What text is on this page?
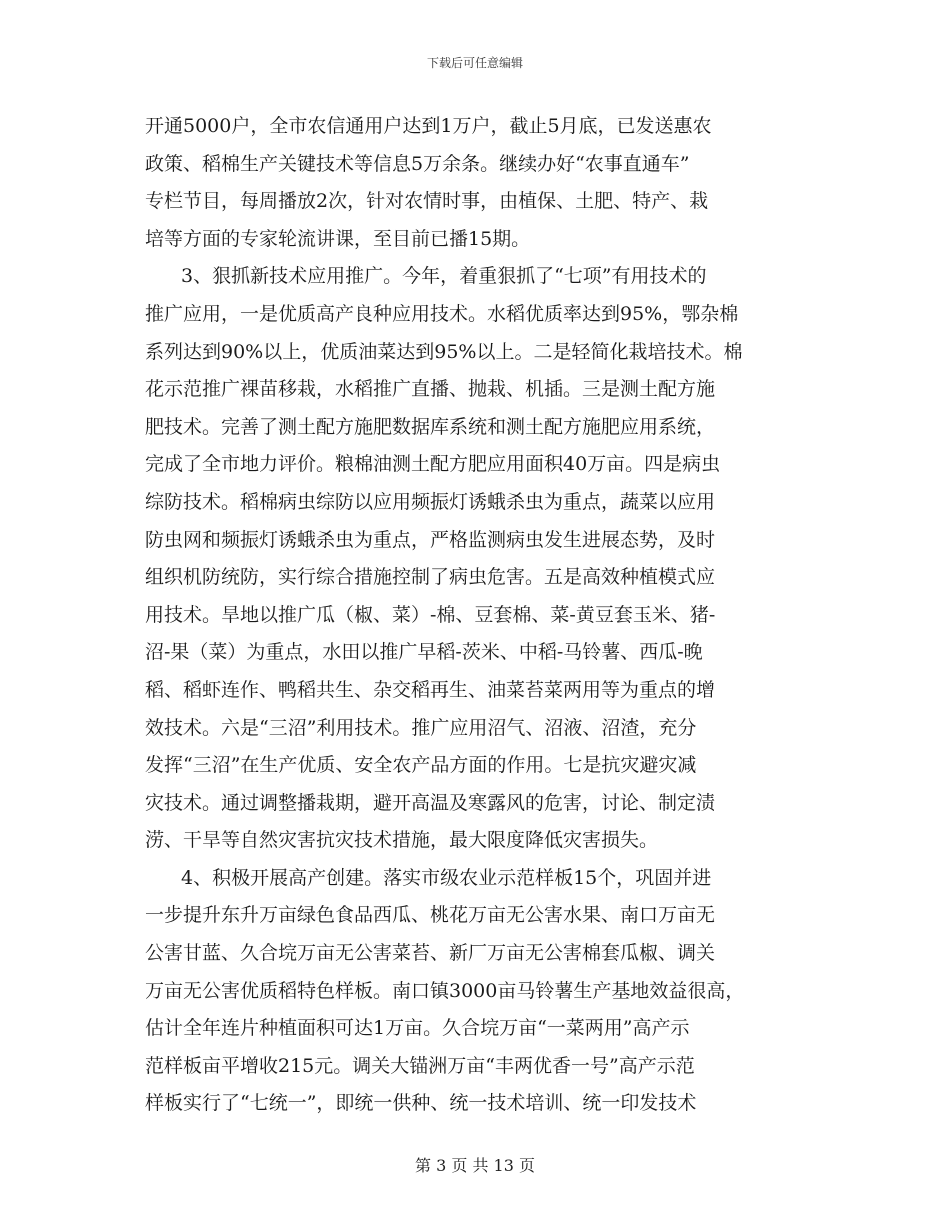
下载后可任意编辑
开通5000户，全市农信通用户达到1万户，截止5月底，已发送惠农
政策、稻棉生产关键技术等信息5万余条。继续办好“农事直通车”
专栏节目，每周播放2次，针对农情时事，由植保、土肥、特产、栽
培等方面的专家轮流讲课，至目前已播15期。
3、狠抓新技术应用推广。今年，着重狠抓了“七项”有用技术的
推广应用，一是优质高产良种应用技术。水稻优质率达到95%，鄂杂棉
系列达到90%以上，优质油菜达到95%以上。二是轻简化栽培技术。棉
花示范推广裸苗移栽，水稻推广直播、抛栽、机插。三是测土配方施
肥技术。完善了测土配方施肥数据库系统和测土配方施肥应用系统，
完成了全市地力评价。粮棉油测土配方肥应用面积40万亩。四是病虫
综防技术。稻棉病虫综防以应用频振灯诱蛾杀虫为重点，蔬菜以应用
防虫网和频振灯诱蛾杀虫为重点，严格监测病虫发生进展态势，及时
组织机防统防，实行综合措施控制了病虫危害。五是高效种植模式应
用技术。旱地以推广瓜（椒、菜）-棉、豆套棉、菜-黄豆套玉米、猪-
沼-果（菜）为重点，水田以推广早稻-茨米、中稻-马铃薯、西瓜-晚
稻、稻虾连作、鸭稻共生、杂交稻再生、油菜苔菜两用等为重点的增
效技术。六是“三沼”利用技术。推广应用沼气、沼液、沼渣，充分
发挥“三沼”在生产优质、安全农产品方面的作用。七是抗灾避灾减
灾技术。通过调整播栽期，避开高温及寒露风的危害，讨论、制定渍
涝、干旱等自然灾害抗灾技术措施，最大限度降低灾害损失。
4、积极开展高产创建。落实市级农业示范样板15个，巩固并进
一步提升东升万亩绿色食品西瓜、桃花万亩无公害水果、南口万亩无
公害甘蓝、久合垸万亩无公害菜苔、新厂万亩无公害棉套瓜椒、调关
万亩无公害优质稻特色样板。南口镇3000亩马铃薯生产基地效益很高，
估计全年连片种植面积可达1万亩。久合垸万亩“一菜两用”高产示
范样板亩平增收215元。调关大锚洲万亩“丰两优香一号”高产示范
样板实行了“七统一”，即统一供种、统一技术培训、统一印发技术
第 3 页 共 13 页
